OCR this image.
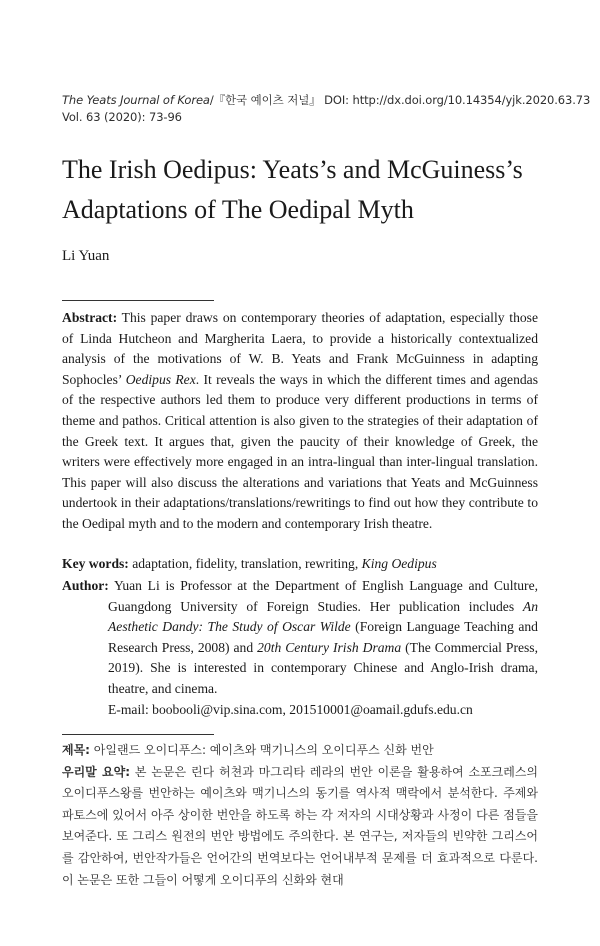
The Yeats Journal of Korea/『한국 예이츠 저널』 DOI: http://dx.doi.org/10.14354/yjk.2020.63.73
Vol. 63 (2020): 73-96
The Irish Oedipus: Yeats’s and McGuiness’s
Adaptations of The Oedipal Myth
Li Yuan
Abstract: This paper draws on contemporary theories of adaptation, especially those of Linda Hutcheon and Margherita Laera, to provide a historically contextualized analysis of the motivations of W. B. Yeats and Frank McGuinness in adapting Sophocles’ Oedipus Rex. It reveals the ways in which the different times and agendas of the respective authors led them to produce very different productions in terms of theme and pathos. Critical attention is also given to the strategies of their adaptation of the Greek text. It argues that, given the paucity of their knowledge of Greek, the writers were effectively more engaged in an intra-lingual than inter-lingual translation. This paper will also discuss the alterations and variations that Yeats and McGuinness undertook in their adaptations/translations/rewritings to find out how they contribute to the Oedipal myth and to the modern and contemporary Irish theatre.
Key words: adaptation, fidelity, translation, rewriting, King Oedipus
Author: Yuan Li is Professor at the Department of English Language and Culture, Guangdong University of Foreign Studies. Her publication includes An Aesthetic Dandy: The Study of Oscar Wilde (Foreign Language Teaching and Research Press, 2008) and 20th Century Irish Drama (The Commercial Press, 2019). She is interested in contemporary Chinese and Anglo-Irish drama, theatre, and cinema.
E-mail: boobooli@vip.sina.com, 201510001@oamail.gdufs.edu.cn
제목: 아일랜드 오이디푸스: 예이츠와 맥기니스의 오이디푸스 신화 번안
우리말 요약: 본 논문은 린다 허쳔과 마그리타 레라의 번안 이론을 활용하여 소포크레스의 오이디푸스왕를 번안하는 예이츠와 맥기니스의 동기를 역사적 맥락에서 분석한다. 주제와 파토스에 있어서 아주 상이한 번안을 하도록 하는 각 저자의 시대상황과 사정이 다른 점들을 보여준다. 또 그리스 원전의 번안 방법에도 주의한다. 본 연구는, 저자들의 빈약한 그리스어를 감안하여, 번안작가들은 언어간의 번역보다는 언어내부적 문제를 더 효과적으로 다룬다. 이 논문은 또한 그들이 어떻게 오이디푸의 신화와 현대
